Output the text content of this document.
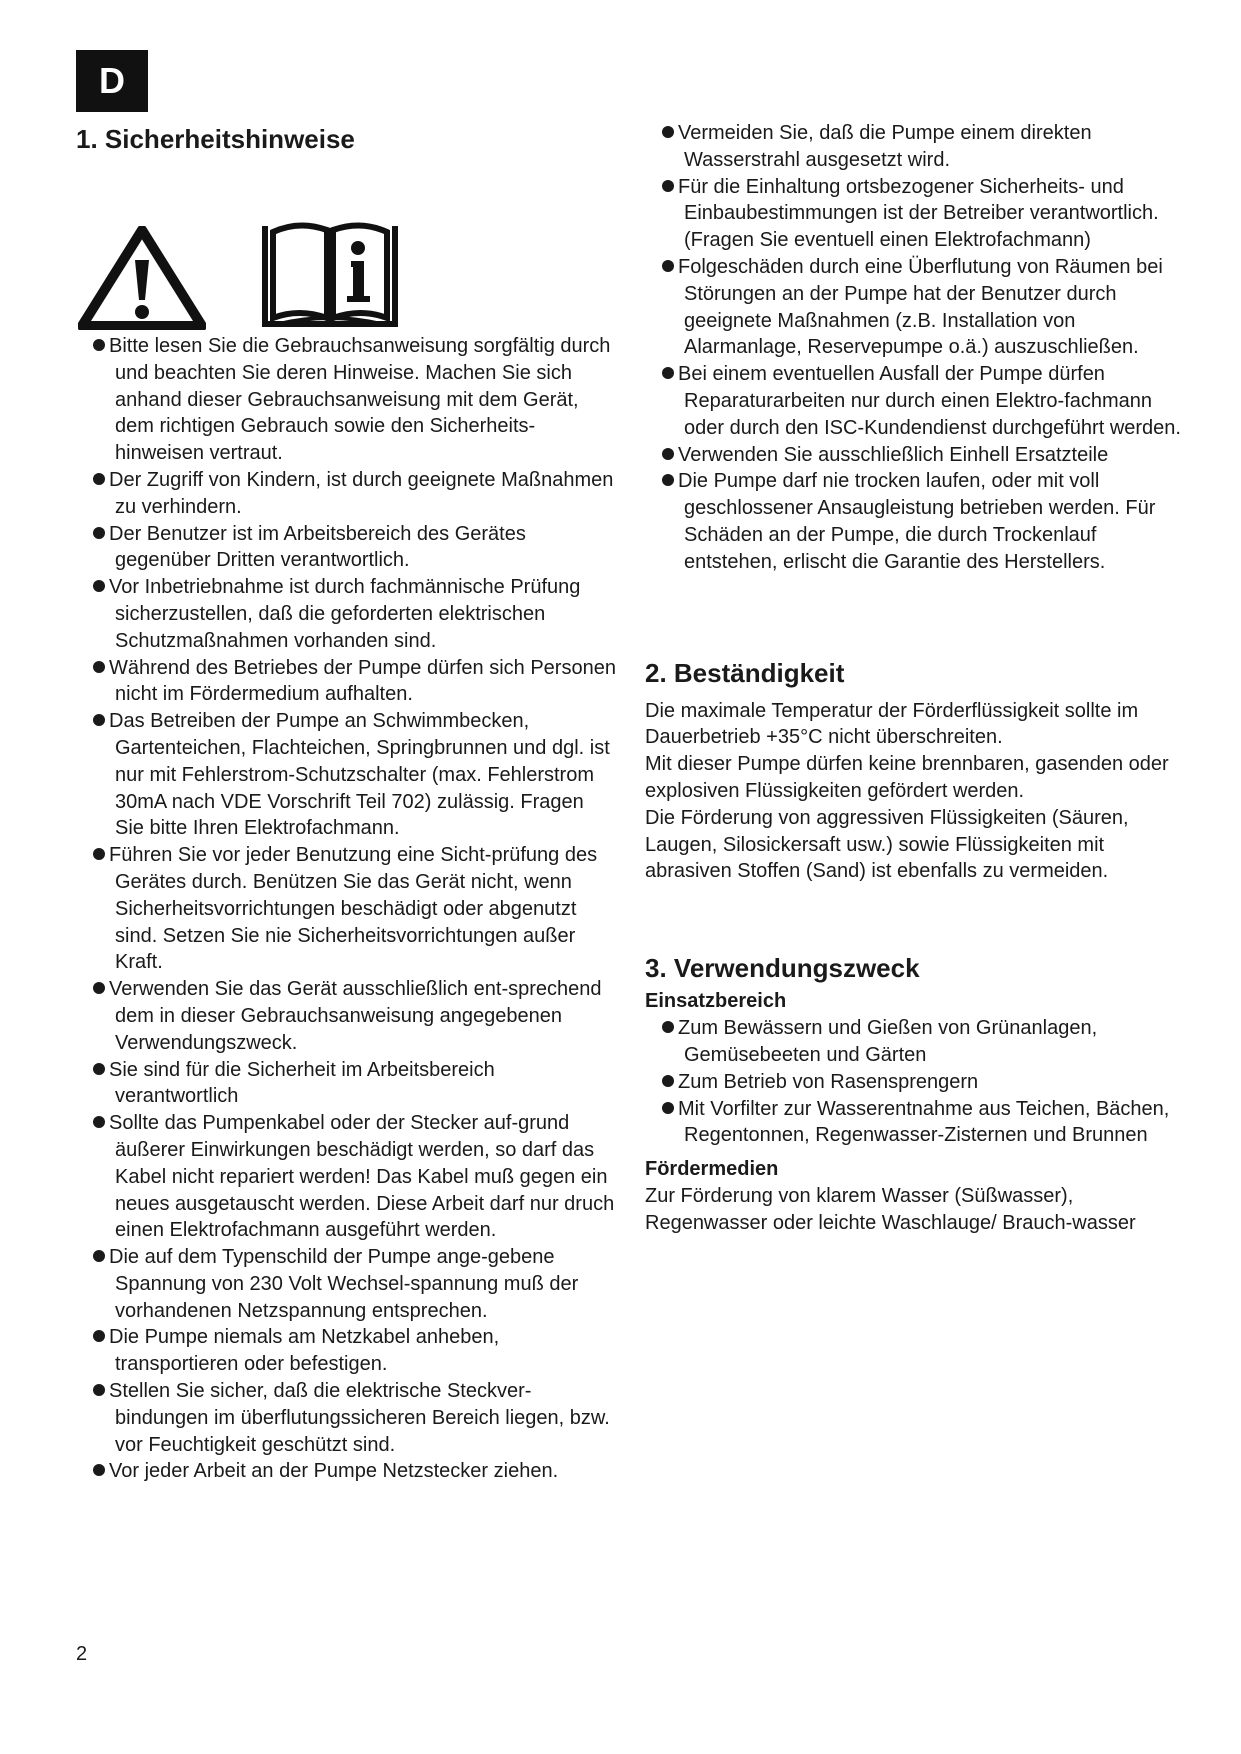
D
1. Sicherheitshinweise
Bitte lesen Sie die Gebrauchsanweisung sorgfältig durch und beachten Sie deren Hinweise. Machen Sie sich anhand dieser Gebrauchsanweisung mit dem Gerät, dem richtigen Gebrauch sowie den Sicherheits-hinweisen vertraut.
Der Zugriff von Kindern, ist durch geeignete Maßnahmen zu verhindern.
Der Benutzer ist im Arbeitsbereich des Gerätes gegenüber Dritten verantwortlich.
Vor Inbetriebnahme ist durch fachmännische Prüfung sicherzustellen, daß die geforderten elektrischen Schutzmaßnahmen vorhanden sind.
Während des Betriebes der Pumpe dürfen sich Personen nicht im Fördermedium aufhalten.
Das Betreiben der Pumpe an Schwimmbecken, Gartenteichen, Flachteichen, Springbrunnen und dgl. ist nur mit Fehlerstrom-Schutzschalter (max. Fehlerstrom 30mA nach VDE Vorschrift Teil 702) zulässig. Fragen Sie bitte Ihren Elektrofachmann.
Führen Sie vor jeder Benutzung eine Sicht-prüfung des Gerätes durch. Benützen Sie das Gerät nicht, wenn Sicherheitsvorrichtungen beschädigt oder abgenutzt sind. Setzen Sie nie Sicherheitsvorrichtungen außer Kraft.
Verwenden Sie das Gerät ausschließlich ent-sprechend dem in dieser Gebrauchsanweisung angegebenen Verwendungszweck.
Sie sind für die Sicherheit im Arbeitsbereich verantwortlich
Sollte das Pumpenkabel oder der Stecker auf-grund äußerer Einwirkungen beschädigt werden, so darf das Kabel nicht repariert werden! Das Kabel muß gegen ein neues ausgetauscht werden. Diese Arbeit darf nur druch einen Elektrofachmann ausgeführt werden.
Die auf dem Typenschild der Pumpe ange-gebene Spannung von 230 Volt Wechsel-spannung muß der vorhandenen Netzspannung entsprechen.
Die Pumpe niemals am Netzkabel anheben, transportieren oder befestigen.
Stellen Sie sicher, daß die elektrische Steckver-bindungen im überflutungssicheren Bereich liegen, bzw. vor Feuchtigkeit geschützt sind.
Vor jeder Arbeit an der Pumpe Netzstecker ziehen.
Vermeiden Sie, daß die Pumpe einem direkten Wasserstrahl ausgesetzt wird.
Für die Einhaltung ortsbezogener Sicherheits- und Einbaubestimmungen ist der Betreiber verantwortlich. (Fragen Sie eventuell einen Elektrofachmann)
Folgeschäden durch eine Überflutung von Räumen bei Störungen an der Pumpe hat der Benutzer durch geeignete Maßnahmen (z.B. Installation von Alarmanlage, Reservepumpe o.ä.) auszuschließen.
Bei einem eventuellen Ausfall der Pumpe dürfen Reparaturarbeiten nur durch einen Elektro-fachmann oder durch den ISC-Kundendienst durchgeführt werden.
Verwenden Sie ausschließlich Einhell Ersatzteile
Die Pumpe darf nie trocken laufen, oder mit voll geschlossener Ansaugleistung betrieben werden. Für Schäden an der Pumpe, die durch Trockenlauf entstehen, erlischt die Garantie des Herstellers.
2. Beständigkeit

Die maximale Temperatur der Förderflüssigkeit sollte im Dauerbetrieb +35°C nicht überschreiten.

Mit dieser Pumpe dürfen keine brennbaren, gasenden oder explosiven Flüssigkeiten gefördert werden.

Die Förderung von aggressiven Flüssigkeiten (Säuren, Laugen, Silosickersaft usw.) sowie Flüssigkeiten mit abrasiven Stoffen (Sand) ist ebenfalls zu vermeiden.

3. Verwendungszweck

Einsatzbereich

Zum Bewässern und Gießen von Grünanlagen, Gemüsebeeten und Gärten
Zum Betrieb von Rasensprengern
Mit Vorfilter zur Wasserentnahme aus Teichen, Bächen, Regentonnen, Regenwasser-Zisternen und Brunnen

Fördermedien

Zur Förderung von klarem Wasser (Süßwasser), Regenwasser oder leichte Waschlauge/ Brauch-wasser

2
